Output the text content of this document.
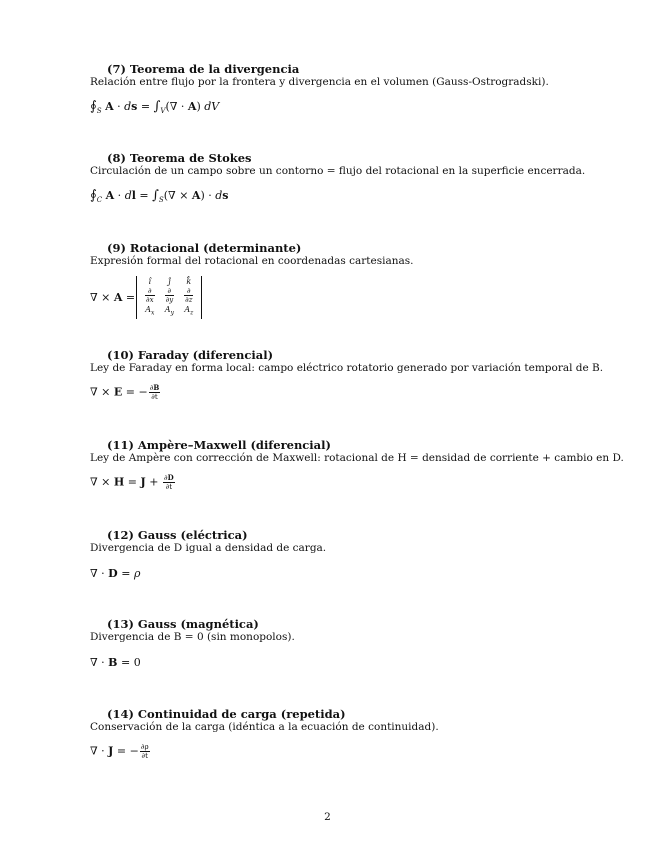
(7) Teorema de la divergencia
Relación entre flujo por la frontera y divergencia en el volumen (Gauss-Ostrogradski).
$∮_S$ A · ds = $\int_V(\nabla \cdot A)$ dV
(8) Teorema de Stokes
Circulación de un campo sobre un contorno = flujo del rotacional en la superficie encerrada.
$∮_C$ A · dl = $\int_S(\nabla \times A)$ · ds
(9) Rotacional (determinante)
Expresión formal del rotacional en coordenadas cartesianas.
∇ × A =
î	ĵ	k̂

$\frac{\partial}{\partial x}$	$\frac{\partial}{\partial y}$	$\frac{\partial}{\partial z}$

$A_x$	$A_y$	$A_z$
(10) Faraday (diferencial)
Ley de Faraday en forma local: campo eléctrico rotatorio generado por variación temporal de B.
∇ × E = − $\frac{\partial B}{\partial t}$
(11) Ampère–Maxwell (diferencial)
Ley de Ampère con corrección de Maxwell: rotacional de H = densidad de corriente + cambio en D.
∇ × $H = J + \frac{\partial D}{\partial t}$
(12) Gauss (eléctrica)
Divergencia de D igual a densidad de carga.
∇ · D = ρ
(13) Gauss (magnética)
Divergencia de B = 0 (sin monopolos).
∇ · B = 0
(14) Continuidad de carga (repetida)
Conservación de la carga (idéntica a la ecuación de continuidad).
∇ · J = − $\frac{\partial\rho}{\partial t}$
2
